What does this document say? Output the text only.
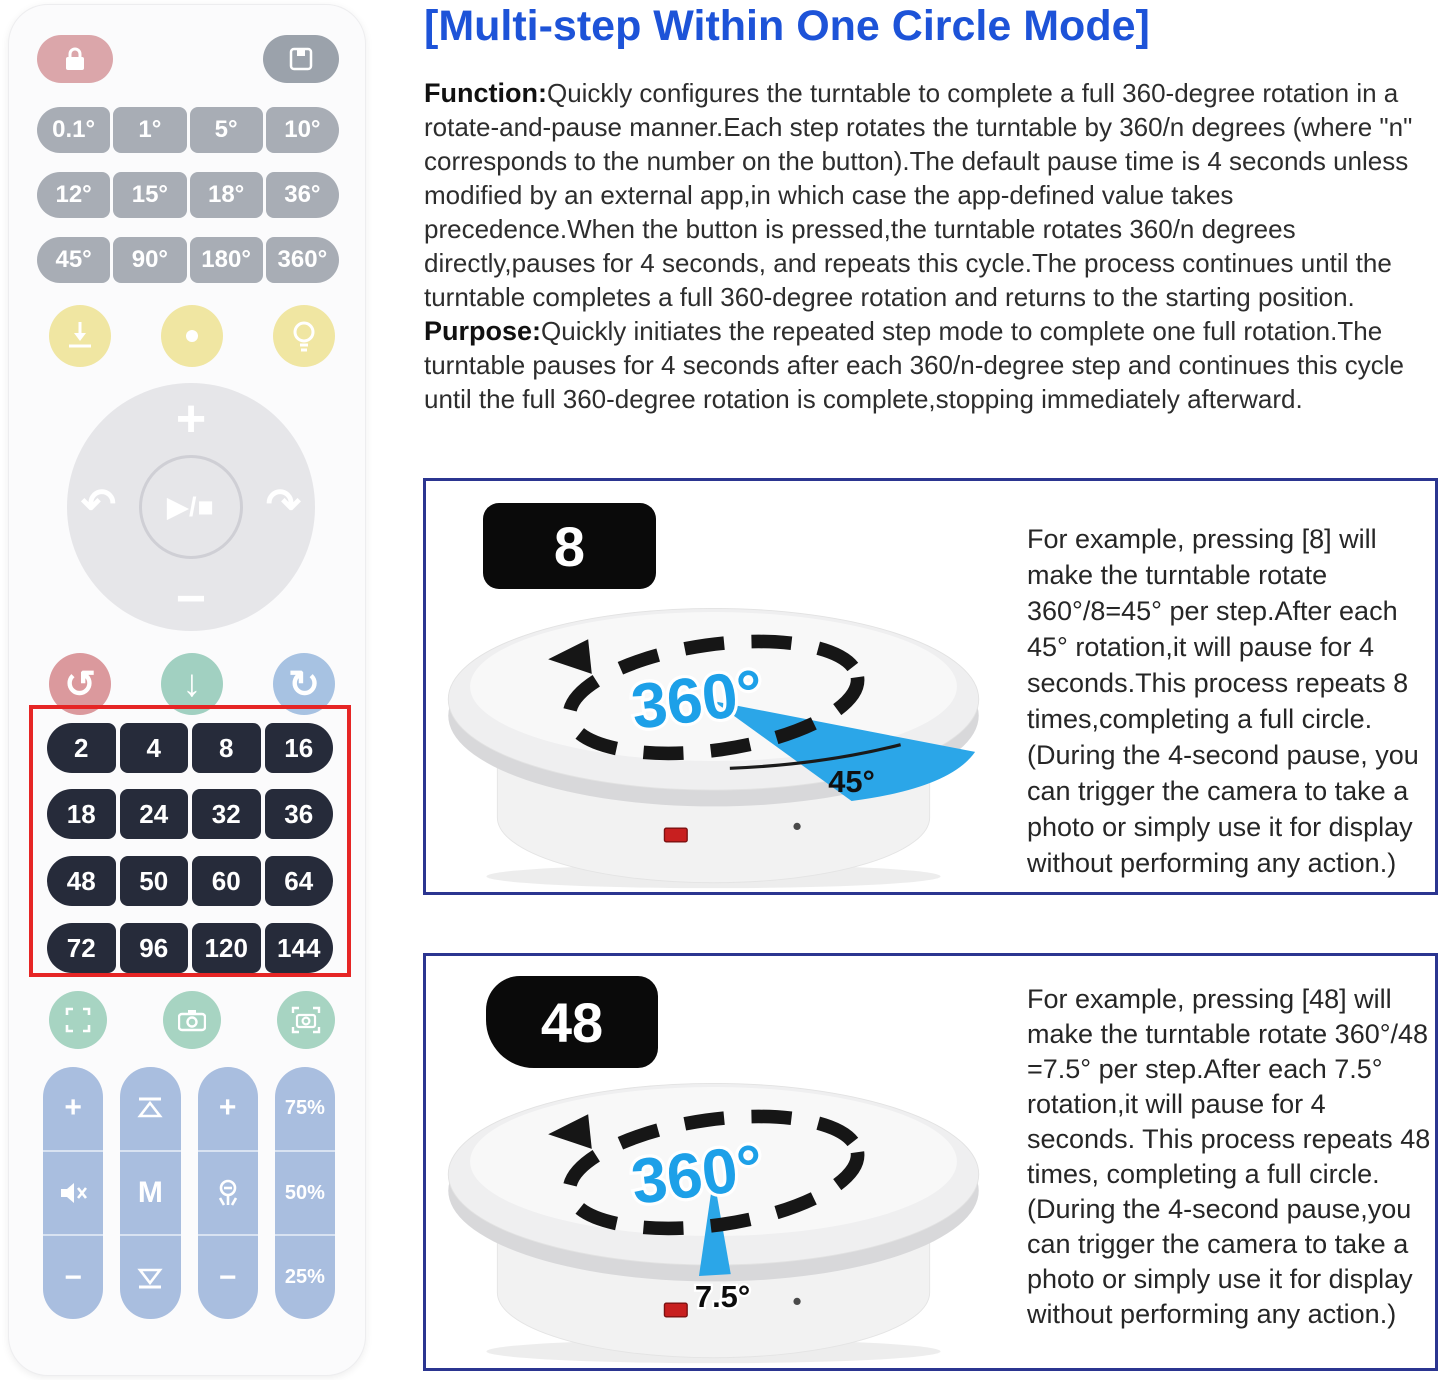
0.1°	1°	5°	10°
12°	15°	18°	36°
45°	90°	180°	360°
+
−
↶	↷
▶/■
↺	↓	↻
2	4	8	16
18	24	32	36
48	50	60	64
72	96	120	144
+
−
M
+
−
75%
50%
25%
[Multi-step Within One Circle Mode]

Function:Quickly configures the turntable to complete a full 360-degree rotation in a rotate-and-pause manner.Each step rotates the turntable by 360/n degrees (where "n" corresponds to the number on the button).The default pause time is 4 seconds unless modified by an external app,in which case the app-defined value takes precedence.When the button is pressed,the turntable rotates 360/n degrees directly,pauses for 4 seconds, and repeats this cycle.The process continues until the turntable completes a full 360-degree rotation and returns to the starting position.

Purpose:Quickly initiates the repeated step mode to complete one full rotation.The turntable pauses for 4 seconds after each 360/n-degree step and continues this cycle until the full 360-degree rotation is complete,stopping immediately afterward.

8
360°
45°

For example, pressing [8] will make the turntable rotate 360°/8=45° per step.After each 45° rotation,it will pause for 4 seconds.This process repeats 8 times,completing a full circle.(During the 4-second pause, you can trigger the camera to take a photo or simply use it for display without performing any action.)

48
360°
7.5°

For example, pressing [48] will make the turntable rotate 360°/48 =7.5° per step.After each 7.5° rotation,it will pause for 4 seconds. This process repeats 48 times, completing a full circle.(During the 4-second pause,you can trigger the camera to take a photo or simply use it for display without performing any action.)
